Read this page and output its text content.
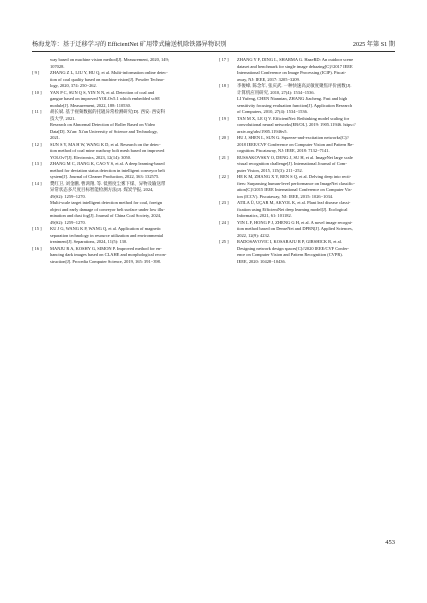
杨海龙等：基于迁移学习的 EfficientNet 矿用带式输送机除铁器异物识别	2025 年第 S1 期
way based on machine vision method[J]. Measurement, 2020, 149;
107028.
[ 9 ] ZHANG Z L, LIU Y, HU Q, et al. Multi-information online detec-
tion of coal quality based on machine vision[J]. Powder Techno-
logy, 2020, 374: 250−262.
[ 10 ] YAN P C, SUN Q S, YIN N N, et al. Detection of coal and
gangue based on improved YOLOv5.1 which embedded scSE
module[J]. Measurement, 2022, 188: 110530.
[ 11 ] 胡长斌. 基于视频数据的托辊异常检测研究[D]. 西安: 西安科
技大学, 2021.
Research on Abnormal Detection of Roller Based on Video
Data[D]. Xi'an: Xi'an University of Science and Technology,
2021.
[ 12 ] SUN S Y, MA H W, WANG K D, et al. Research on the detec-
tion method of coal mine roadway bolt mesh based on improved
YOLOv7[J]. Electronics, 2023, 12(14): 3050.
[ 13 ] ZHANG M C, JIANG K, CAO Y S, et al. A deep learning-based
method for deviation status detection in intelligent conveyor belt
system[J]. Journal of Cleaner Production, 2022, 363: 132575.
[ 14 ] 樊红卫, 刘金鹏, 曹鸿翔, 等. 低照度尘雾下煤、异物及输送带
异常状态多尺度目标智能检测方法[J]. 煤炭学报, 2024,
49(S2): 1259−1270.
Multi-scale target intelligent detection method for coal, foreign
object and early damage of conveyor belt surface under low illu-
mination and dust fog[J]. Journal of China Coal Society, 2024,
49(S2): 1259−1270.
[ 15 ] KU J G, WANG K P, WANG Q, et al. Application of magnetic
separation technology in resource utilization and environmental
treatment[J]. Separations, 2024, 11(5): 130.
[ 16 ] MANJU R A, KOSHY G, SIMON P. Improved method for en-
hancing dark images based on CLAHE and morphological recon-
struction[J]. Procedia Computer Science, 2019, 165: 391−398.
[ 17 ] ZHANG Y F, DING L, SHARMA G. HazeRD: An outdoor scene
dataset and benchmark for single image dehazing[C]//2017 IEEE
International Conference on Image Processing (ICIP). Piscat-
away, NJ: IEEE, 2017: 3205−3209.
[ 18 ] 李俊峰, 陈念年, 张庆武. 一种快速高灵敏度聚焦评价函数[J].
计算机应用研究, 2010, 27(4): 1534−1536.
LI Yufeng, CHEN Niannian, ZHANG Jiacheng. Fast and high
sensitivity focusing evaluation function[J]. Application Research
of Computers, 2010, 27(4): 1534−1536.
[ 19 ] TAN M X, LE Q V. EfficientNet: Rethinking model scaling for
convolutional neural networks[EB/OL]. 2019: 1905.11946. https://
arxiv.org/abs/1905.11946v5.
[ 20 ] HU J, SHEN L, SUN G. Squeeze-and-excitation networks[C]//
2018 IEEE/CVF Conference on Computer Vision and Pattern Re-
cognition. Piscataway, NJ: IEEE, 2018: 7132−7141.
[ 21 ] RUSSAKOVSKY O, DENG J, SU H, et al. ImageNet large scale
visual recognition challenge[J]. International Journal of Com-
puter Vision, 2015, 115(3): 211−252.
[ 22 ] HE K M, ZHANG X Y, REN S Q, et al. Delving deep into recti-
fiers: Surpassing human-level performance on ImageNet classific-
ation[C]//2015 IEEE International Conference on Computer Vis-
ion (ICCV). Piscataway, NJ: IEEE, 2015: 1026−1034.
[ 23 ] ATILA Ü, UÇAR M, AKYOL K, et al. Plant leaf disease classi-
fication using EfficientNet deep learning model[J]. Ecological
Informatics, 2021, 61: 101182.
[ 24 ] YIN L F, HONG P J, ZHENG G H, et al. A novel image recogni-
tion method based on DenseNet and DPRN[J]. Applied Sciences,
2022, 12(9): 4232.
[ 25 ] RADOSAVOVIC I, KOSARAJU R P, GIRSHICK R, et al.
Designing network design spaces[C]//2020 IEEE/CVF Confer-
ence on Computer Vision and Pattern Recognition (CVPR).
IEEE, 2020: 10428−10436.
453
